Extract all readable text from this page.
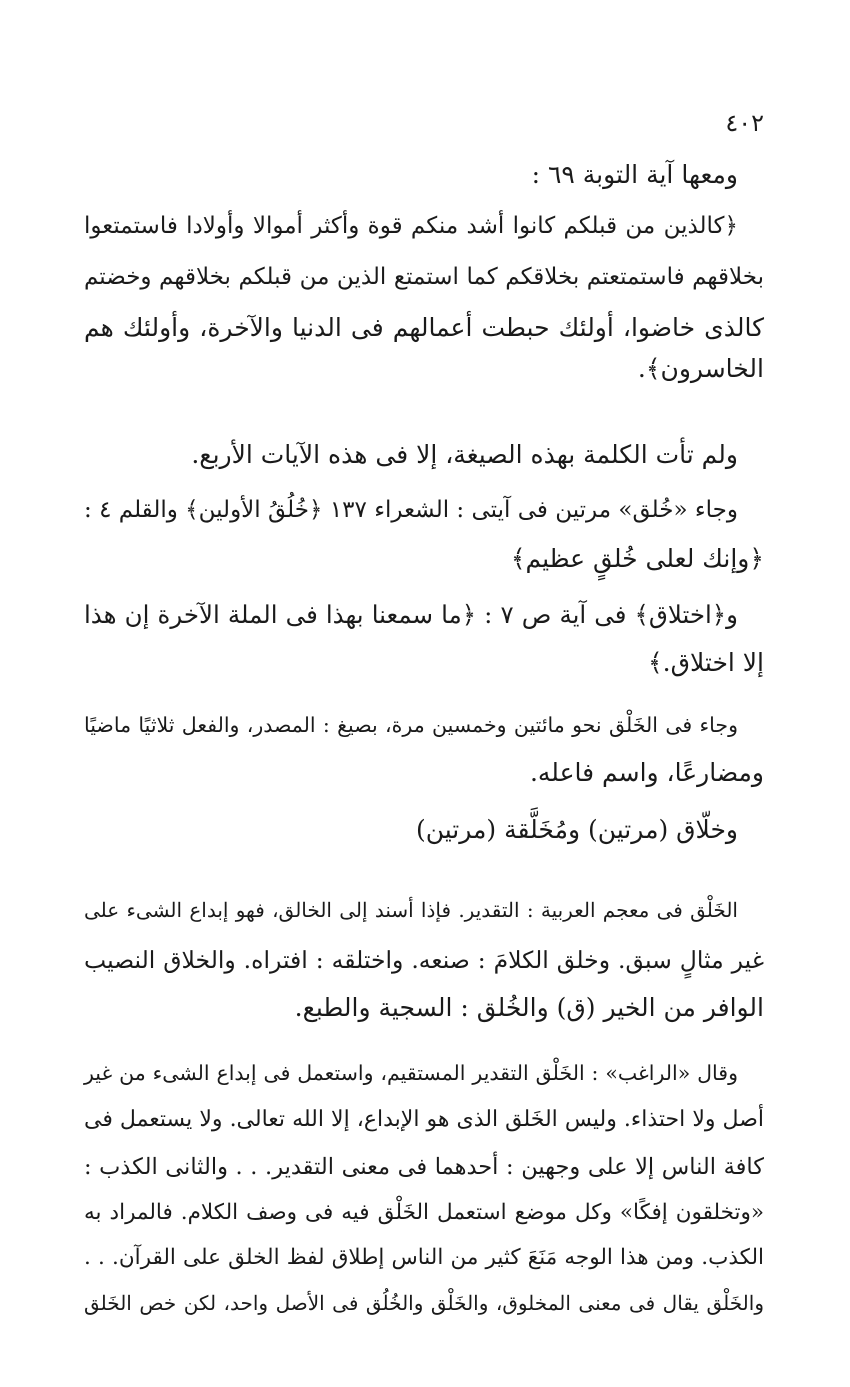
٤٠٢
ومعها آية التوبة ٦٩ :
﴿كالذين من قبلكم كانوا أشد منكم قوة وأكثر أموالا وأولادا فاستمتعوا
بخلاقهم فاستمتعتم بخلاقكم كما استمتع الذين من قبلكم بخلاقهم وخضتم
كالذى خاضوا، أولئك حبطت أعمالهم فى الدنيا والآخرة، وأولئك هم
الخاسرون﴾.
ولم تأت الكلمة بهذه الصيغة، إلا فى هذه الآيات الأربع.
وجاء «خُلق» مرتين فى آيتى : الشعراء ١٣٧ ﴿خُلُقُ الأولين﴾ والقلم ٤ :
﴿وإنك لعلى خُلقٍ عظيم﴾
و﴿اختلاق﴾ فى آية ص ٧ : ﴿ما سمعنا بهذا فى الملة الآخرة إن هذا
إلا اختلاق.﴾
وجاء فى الخَلْق نحو مائتين وخمسين مرة، بصيغ : المصدر، والفعل ثلاثيًا ماضيًا
ومضارعًا، واسم فاعله.
وخلّاق (مرتين) ومُخَلَّقة (مرتين)
الخَلْق فى معجم العربية : التقدير. فإذا أسند إلى الخالق، فهو إبداع الشىء على
غير مثالٍ سبق. وخلق الكلامَ : صنعه. واختلقه : افتراه. والخلاق النصيب
الوافر من الخير (ق) والخُلق : السجية والطبع.
وقال «الراغب» : الخَلْق التقدير المستقيم، واستعمل فى إبداع الشىء من غير
أصل ولا احتذاء. وليس الخَلق الذى هو الإبداع، إلا الله تعالى. ولا يستعمل فى
كافة الناس إلا على وجهين : أحدهما فى معنى التقدير. . . والثانى الكذب :
«وتخلقون إفكًا» وكل موضع استعمل الخَلْق فيه فى وصف الكلام. فالمراد به
الكذب. ومن هذا الوجه مَنَعَ كثير من الناس إطلاق لفظ الخلق على القرآن. . .
والخَلْق يقال فى معنى المخلوق، والخَلْق والخُلُق فى الأصل واحد، لكن خص الخَلق
